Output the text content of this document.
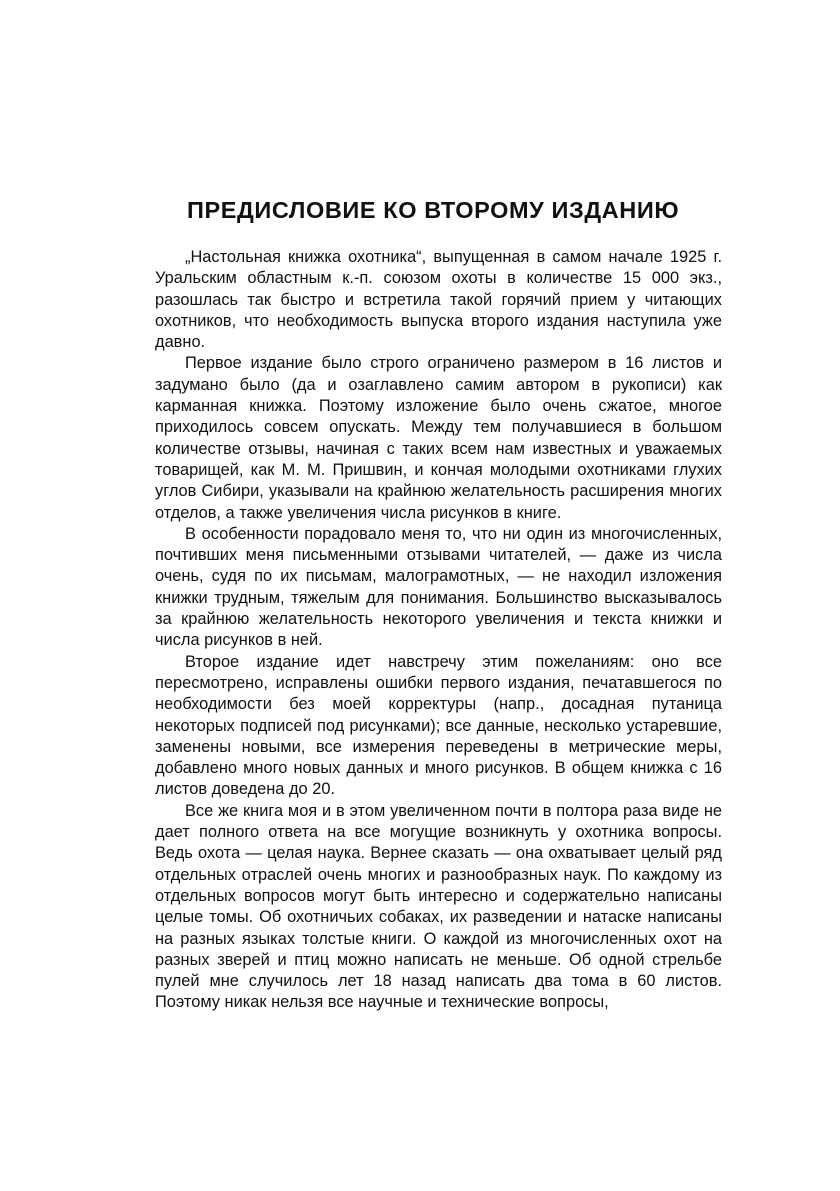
ПРЕДИСЛОВИЕ КО ВТОРОМУ ИЗДАНИЮ

„Настольная книжка охотника“, выпущенная в самом начале 1925 г. Уральским областным к.-п. союзом охоты в количестве 15 000 экз., разошлась так быстро и встретила такой горячий прием у читающих охотников, что необходимость выпуска второго издания наступила уже давно.

Первое издание было строго ограничено размером в 16 листов и задумано было (да и озаглавлено самим автором в рукописи) как карманная книжка. Поэтому изложение было очень сжатое, многое приходилось совсем опускать. Между тем получавшиеся в большом количестве отзывы, начиная с таких всем нам известных и уважаемых товарищей, как М. М. Пришвин, и кончая молодыми охотниками глухих углов Сибири, указывали на крайнюю желательность расширения многих отделов, а также увеличения числа рисунков в книге.

В особенности порадовало меня то, что ни один из многочисленных, почтивших меня письменными отзывами читателей, — даже из числа очень, судя по их письмам, малограмотных, — не находил изложения книжки трудным, тяжелым для понимания. Большинство высказывалось за крайнюю желательность некоторого увеличения и текста книжки и числа рисунков в ней.

Второе издание идет навстречу этим пожеланиям: оно все пересмотрено, исправлены ошибки первого издания, печатавшегося по необходимости без моей корректуры (напр., досадная путаница некоторых подписей под рисунками); все данные, несколько устаревшие, заменены новыми, все измерения переведены в метрические меры, добавлено много новых данных и много рисунков. В общем книжка с 16 листов доведена до 20.

Все же книга моя и в этом увеличенном почти в полтора раза виде не дает полного ответа на все могущие возникнуть у охотника вопросы. Ведь охота — целая наука. Вернее сказать — она охватывает целый ряд отдельных отраслей очень многих и разнообразных наук. По каждому из отдельных вопросов могут быть интересно и содержательно написаны целые томы. Об охотничьих собаках, их разведении и натаске написаны на разных языках толстые книги. О каждой из многочисленных охот на разных зверей и птиц можно написать не меньше. Об одной стрельбе пулей мне случилось лет 18 назад написать два тома в 60 листов. Поэтому никак нельзя все научные и технические вопросы,
